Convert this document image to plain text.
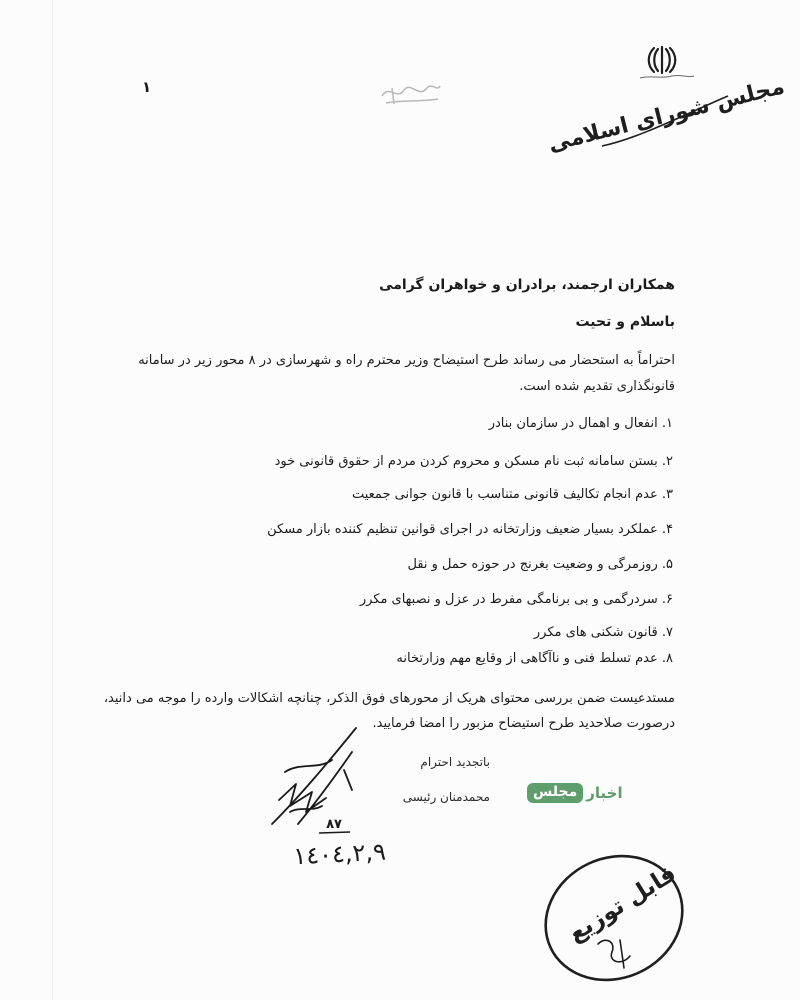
مجلس شورای اسلامی
۸۷
١٤٠٤,٢,٩
قابل توزیع
۱
همکاران ارجمند، برادران و خواهران گرامی
باسلام و تحیت
احتراماً به استحضار می رساند طرح استیضاح وزیر محترم راه و شهرسازی در ۸ محور زیر در سامانه
قانونگذاری تقدیم شده است.
۱. انفعال و اهمال در سازمان بنادر
۲. بستن سامانه ثبت نام مسکن و محروم کردن مردم از حقوق قانونی خود
۳. عدم انجام تکالیف قانونی متناسب با قانون جوانی جمعیت
۴. عملکرد بسیار ضعیف وزارتخانه در اجرای قوانین تنظیم کننده بازار مسکن
۵. روزمرگی و وضعیت بغرنج در حوزه حمل و نقل
۶. سردرگمی و بی برنامگی مفرط در عزل و نصبهای مکرر
۷. قانون شکنی های مکرر
۸. عدم تسلط فنی و ناآگاهی از وقایع مهم وزارتخانه
مستدعیست ضمن بررسی محتوای هریک از محورهای فوق الذکر، چنانچه اشکالات وارده را موجه می دانید،
درصورت صلاحدید طرح استیضاح مزبور را امضا فرمایید.
باتجدید احترام
محمدمنان رئیسی	اخبار
مجلس
